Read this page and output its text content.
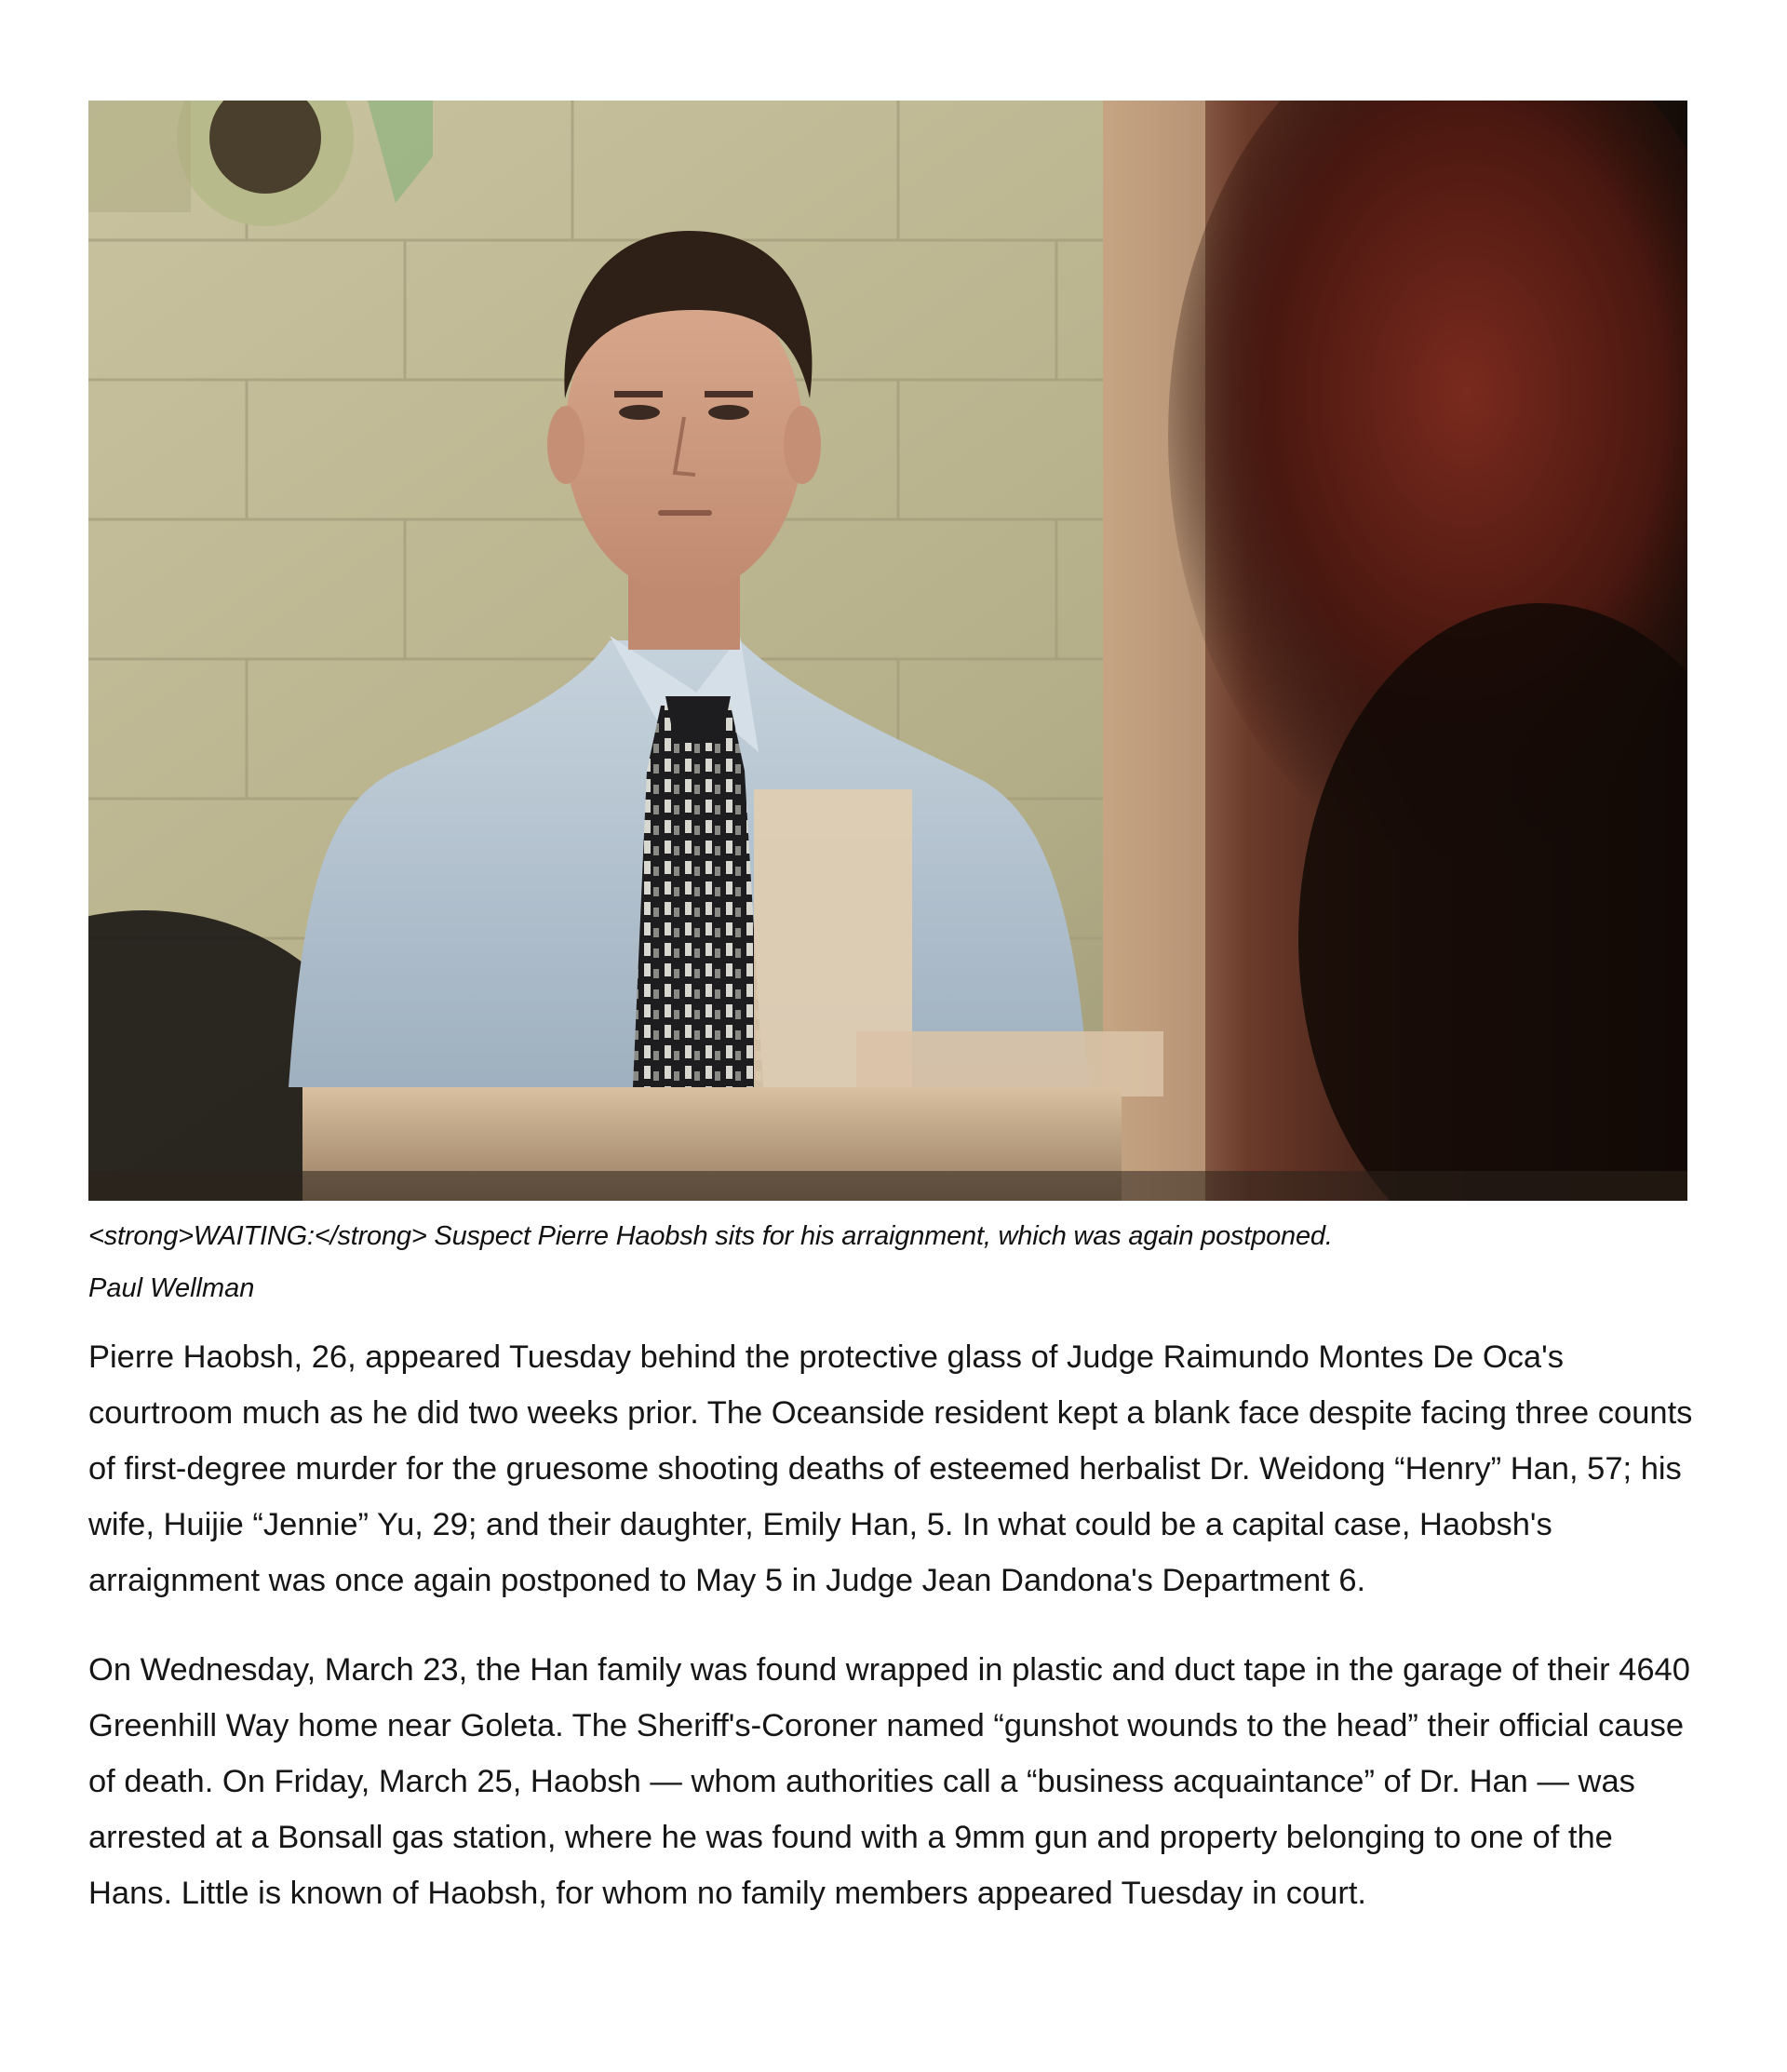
<strong>WAITING:</strong> Suspect Pierre Haobsh sits for his arraignment, which was again postponed.
Paul Wellman

Pierre Haobsh, 26, appeared Tuesday behind the protective glass of Judge Raimundo Montes De Oca's courtroom much as he did two weeks prior. The Oceanside resident kept a blank face despite facing three counts of first-degree murder for the gruesome shooting deaths of esteemed herbalist Dr. Weidong “Henry” Han, 57; his wife, Huijie “Jennie” Yu, 29; and their daughter, Emily Han, 5. In what could be a capital case, Haobsh's arraignment was once again postponed to May 5 in Judge Jean Dandona's Department 6.

On Wednesday, March 23, the Han family was found wrapped in plastic and duct tape in the garage of their 4640 Greenhill Way home near Goleta. The Sheriff's-Coroner named “gunshot wounds to the head” their official cause of death. On Friday, March 25, Haobsh — whom authorities call a “business acquaintance” of Dr. Han — was arrested at a Bonsall gas station, where he was found with a 9mm gun and property belonging to one of the Hans. Little is known of Haobsh, for whom no family members appeared Tuesday in court.
